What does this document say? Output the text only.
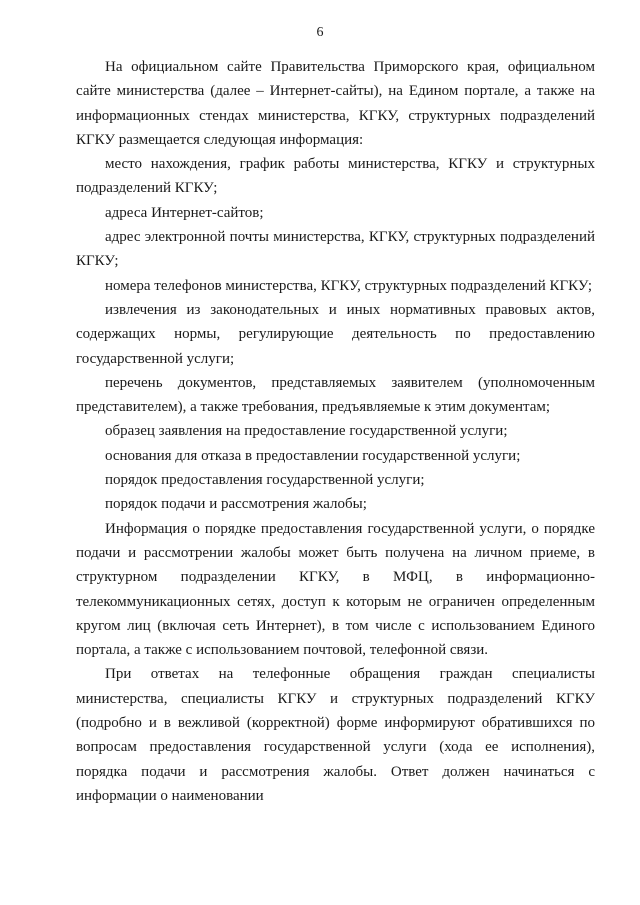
6

На официальном сайте Правительства Приморского края, официальном сайте министерства (далее – Интернет-сайты), на Едином портале, а также на информационных стендах министерства, КГКУ, структурных подразделений КГКУ размещается следующая информация:

место нахождения, график работы министерства, КГКУ и структурных подразделений КГКУ;

адреса Интернет-сайтов;

адрес электронной почты министерства, КГКУ, структурных подразделений КГКУ;

номера телефонов министерства, КГКУ, структурных подразделений КГКУ;

извлечения из законодательных и иных нормативных правовых актов, содержащих нормы, регулирующие деятельность по предоставлению государственной услуги;

перечень документов, представляемых заявителем (уполномоченным представителем), а также требования, предъявляемые к этим документам;

образец заявления на предоставление государственной услуги;

основания для отказа в предоставлении государственной услуги;

порядок предоставления государственной услуги;

порядок подачи и рассмотрения жалобы;

Информация о порядке предоставления государственной услуги, о порядке подачи и рассмотрении жалобы может быть получена на личном приеме, в структурном подразделении КГКУ, в МФЦ, в информационно-телекоммуникационных сетях, доступ к которым не ограничен определенным кругом лиц (включая сеть Интернет), в том числе с использованием Единого портала, а также с использованием почтовой, телефонной связи.

При ответах на телефонные обращения граждан специалисты министерства, специалисты КГКУ и структурных подразделений КГКУ (подробно и в вежливой (корректной) форме информируют обратившихся по вопросам предоставления государственной услуги (хода ее исполнения), порядка подачи и рассмотрения жалобы. Ответ должен начинаться с информации о наименовании
